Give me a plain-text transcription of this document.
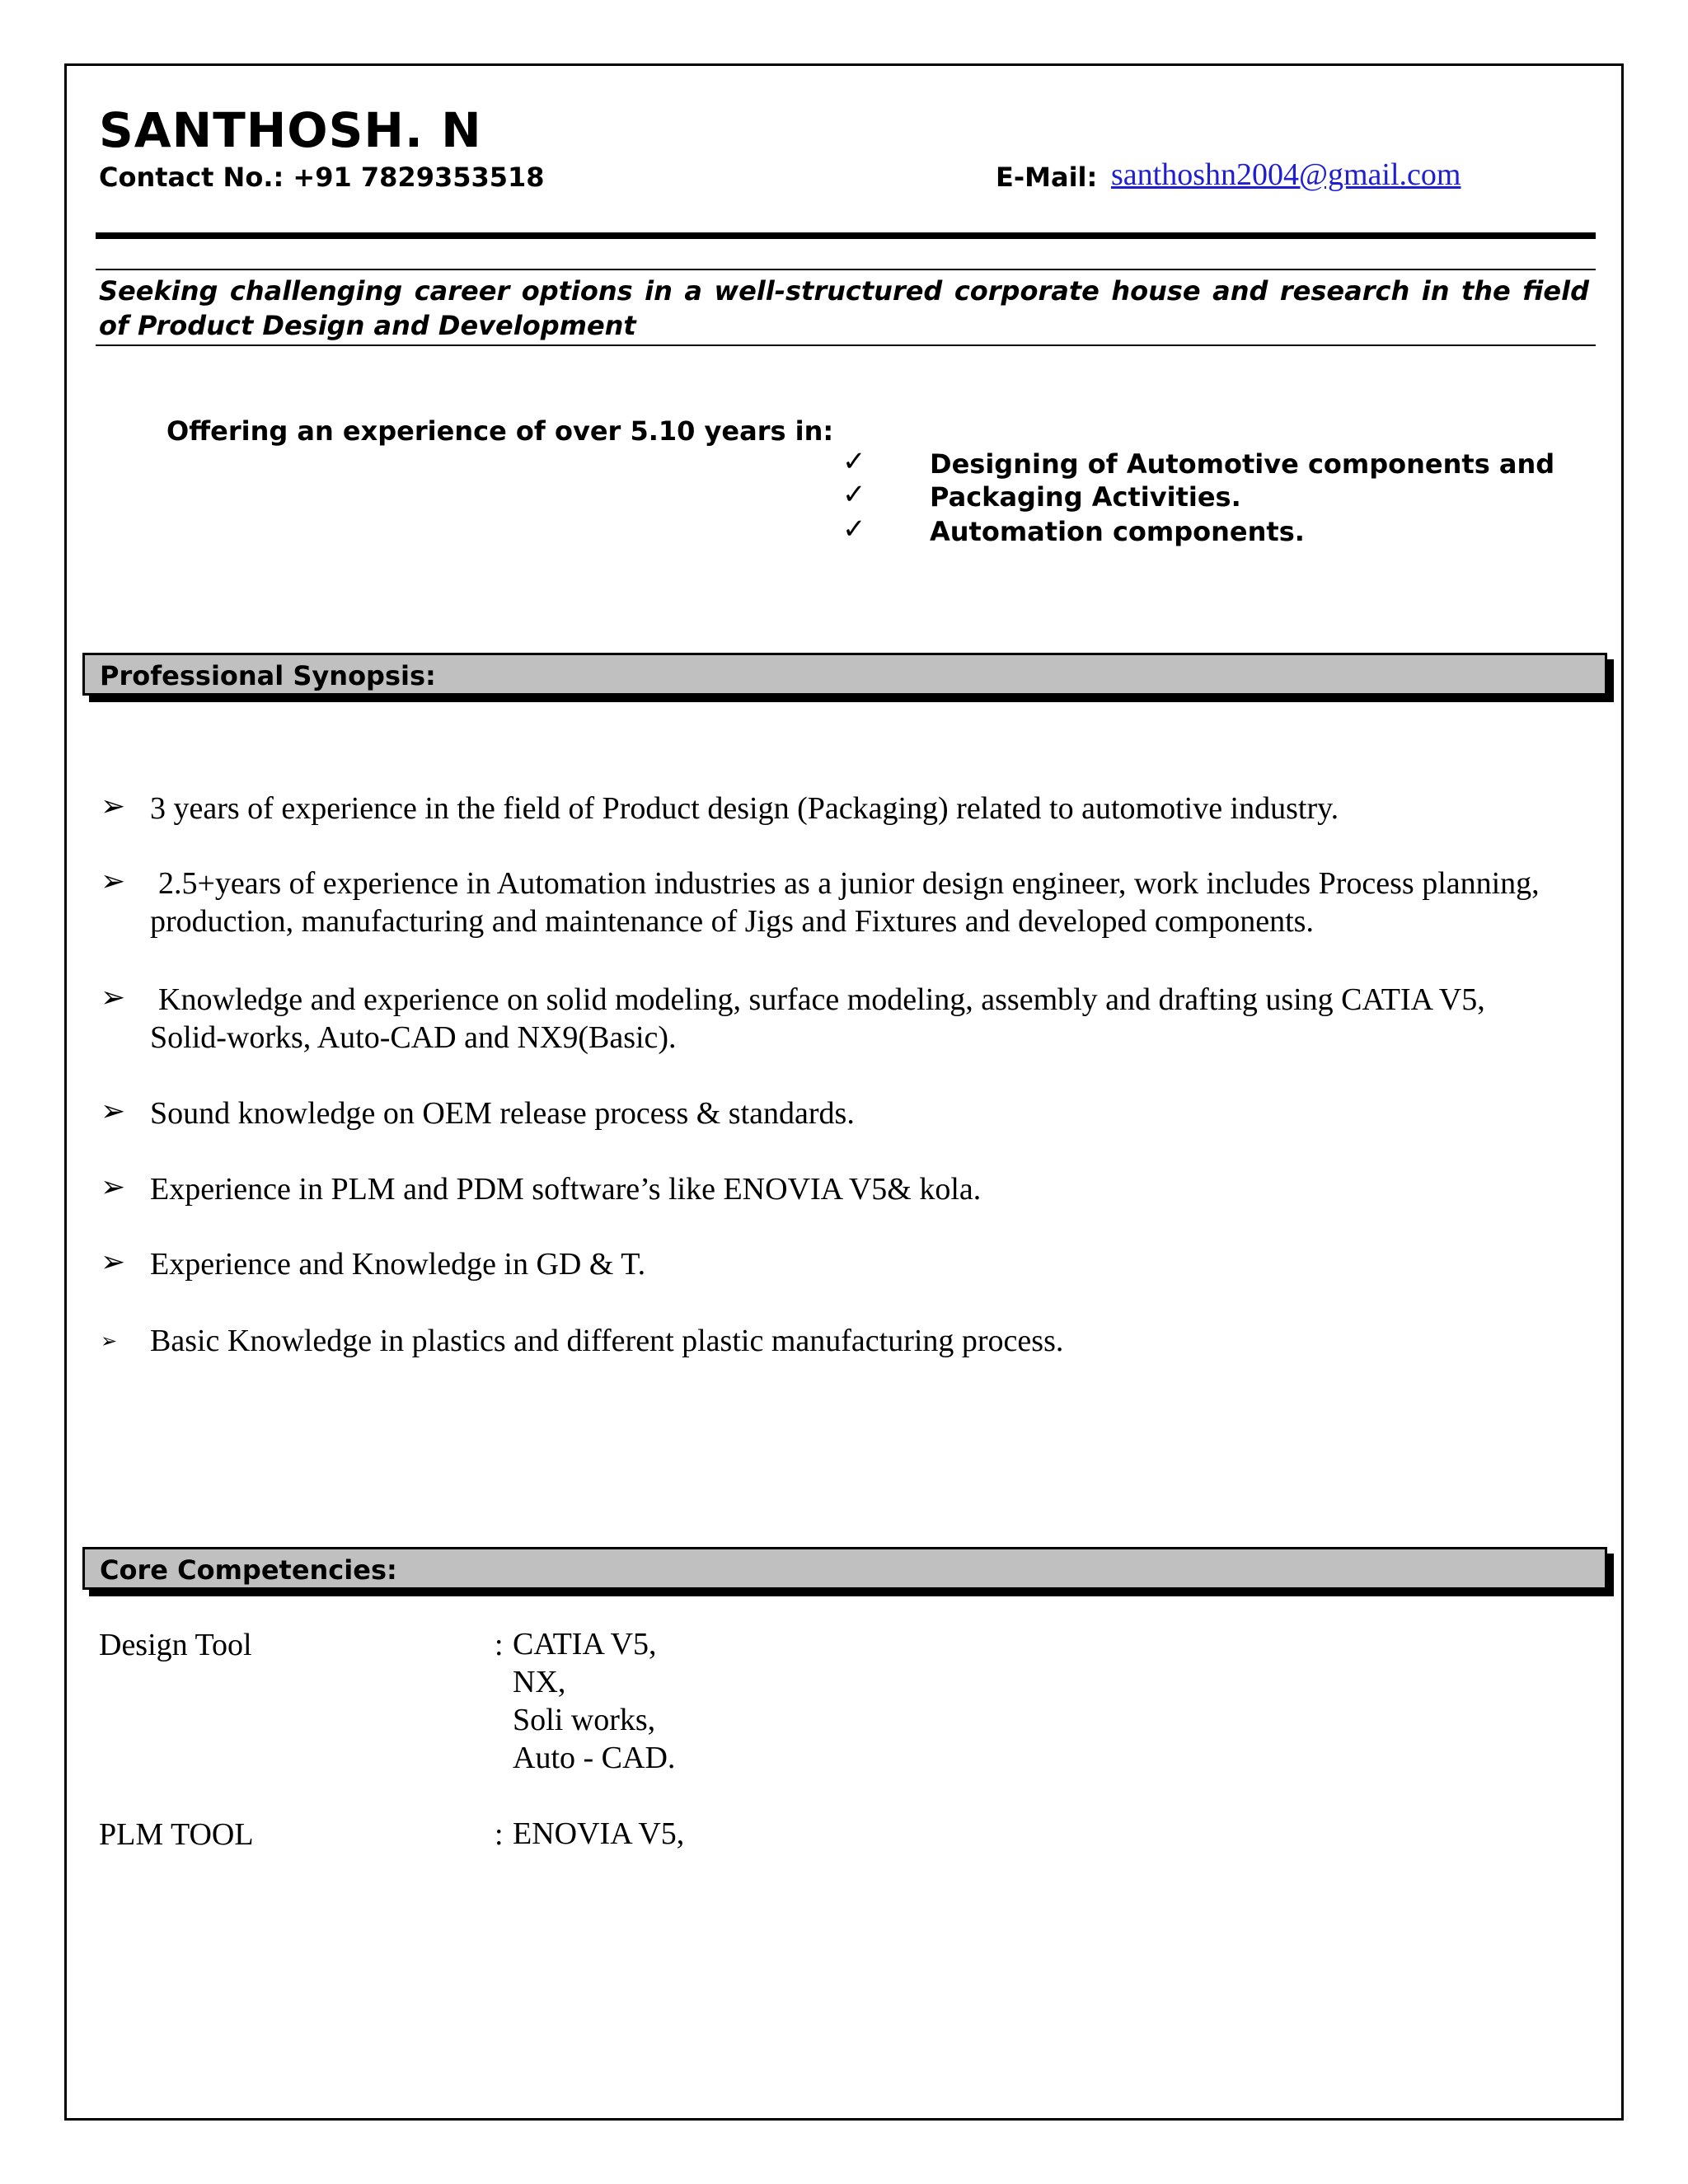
SANTHOSH. N
Contact No.: +91 7829353518	E-Mail: santhoshn2004@gmail.com
Seeking challenging career options in a well-structured corporate house and research in the field of Product Design and Development
Offering an experience of over 5.10 years in:
✓ Designing of Automotive components and
✓ Packaging Activities.
✓ Automation components.
Professional Synopsis:
➢ 3 years of experience in the field of Product design (Packaging) related to automotive industry.
➢ 2.5+years of experience in Automation industries as a junior design engineer, work includes Process planning, production, manufacturing and maintenance of Jigs and Fixtures and developed components.
➢ Knowledge and experience on solid modeling, surface modeling, assembly and drafting using CATIA V5, Solid-works, Auto-CAD and NX9(Basic).
➢ Sound knowledge on OEM release process & standards.
➢ Experience in PLM and PDM software’s like ENOVIA V5& kola.
➢ Experience and Knowledge in GD & T.
➢ Basic Knowledge in plastics and different plastic manufacturing process.
Core Competencies:
Design Tool	: CATIA V5,
NX,
Soli works,
Auto - CAD.
PLM TOOL	: ENOVIA V5,
